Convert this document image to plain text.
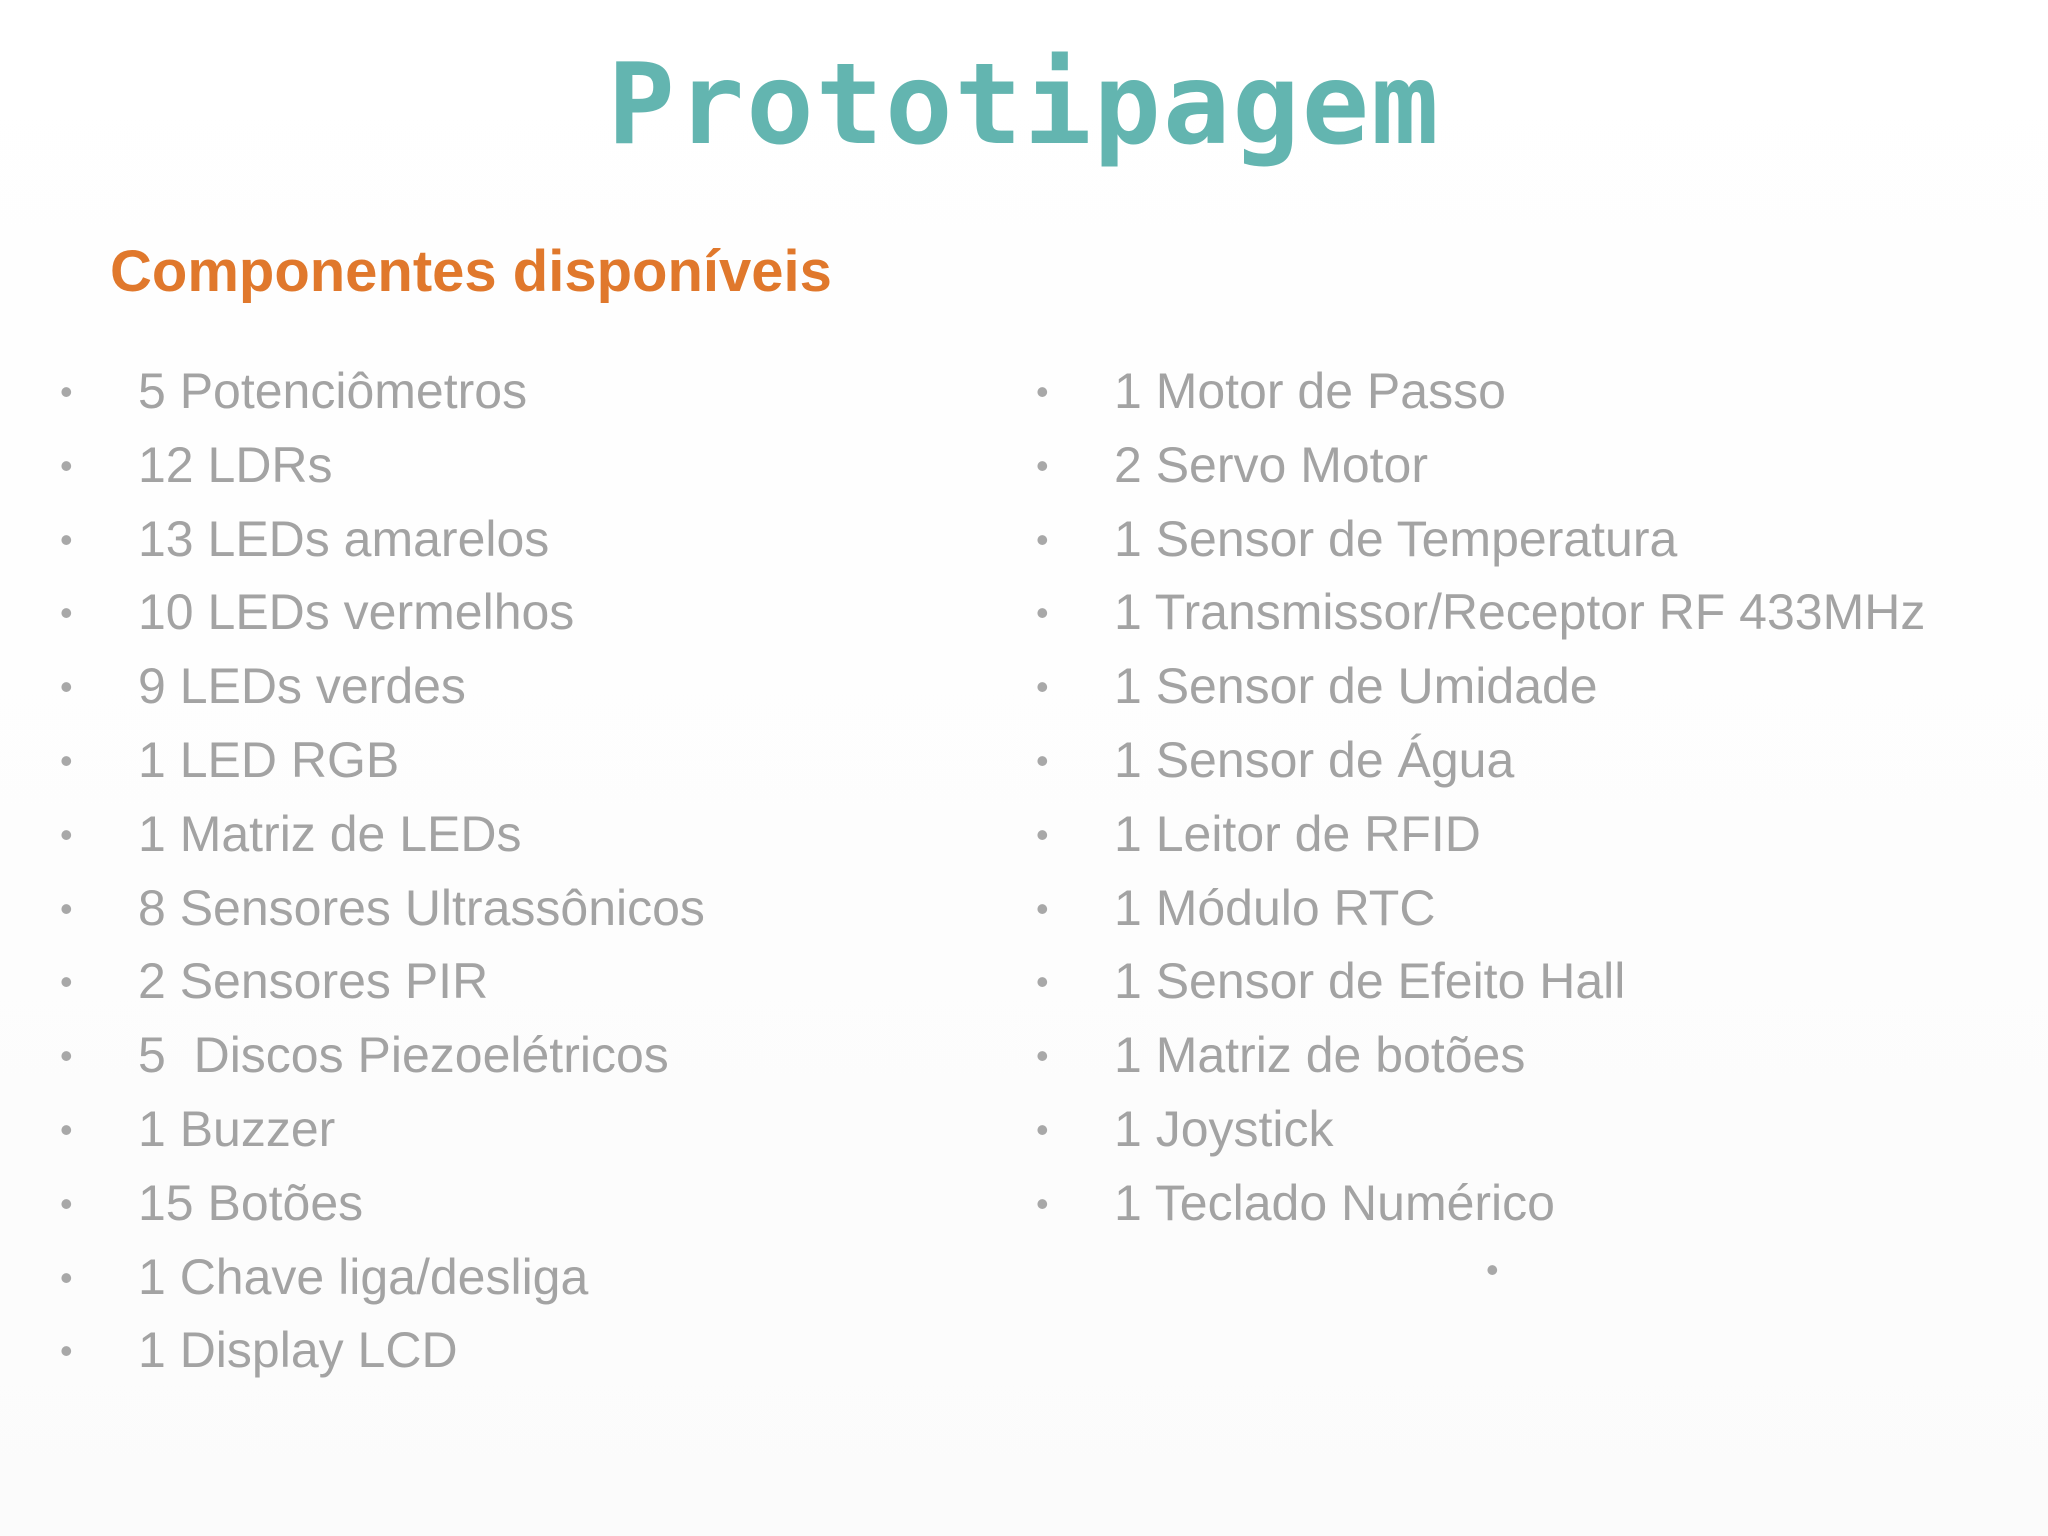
Prototipagem
Componentes disponíveis
•	5 Potenciômetros
•	12 LDRs
•	13 LEDs amarelos
•	10 LEDs vermelhos
•	9 LEDs verdes
•	1 LED RGB
•	1 Matriz de LEDs
•	8 Sensores Ultrassônicos
•	2 Sensores PIR
•	5  Discos Piezoelétricos
•	1 Buzzer
•	15 Botões
•	1 Chave liga/desliga
•	1 Display LCD
•	1 Motor de Passo
•	2 Servo Motor
•	1 Sensor de Temperatura
•	1 Transmissor/Receptor RF 433MHz
•	1 Sensor de Umidade
•	1 Sensor de Água
•	1 Leitor de RFID
•	1 Módulo RTC
•	1 Sensor de Efeito Hall
•	1 Matriz de botões
•	1 Joystick
•	1 Teclado Numérico
•
